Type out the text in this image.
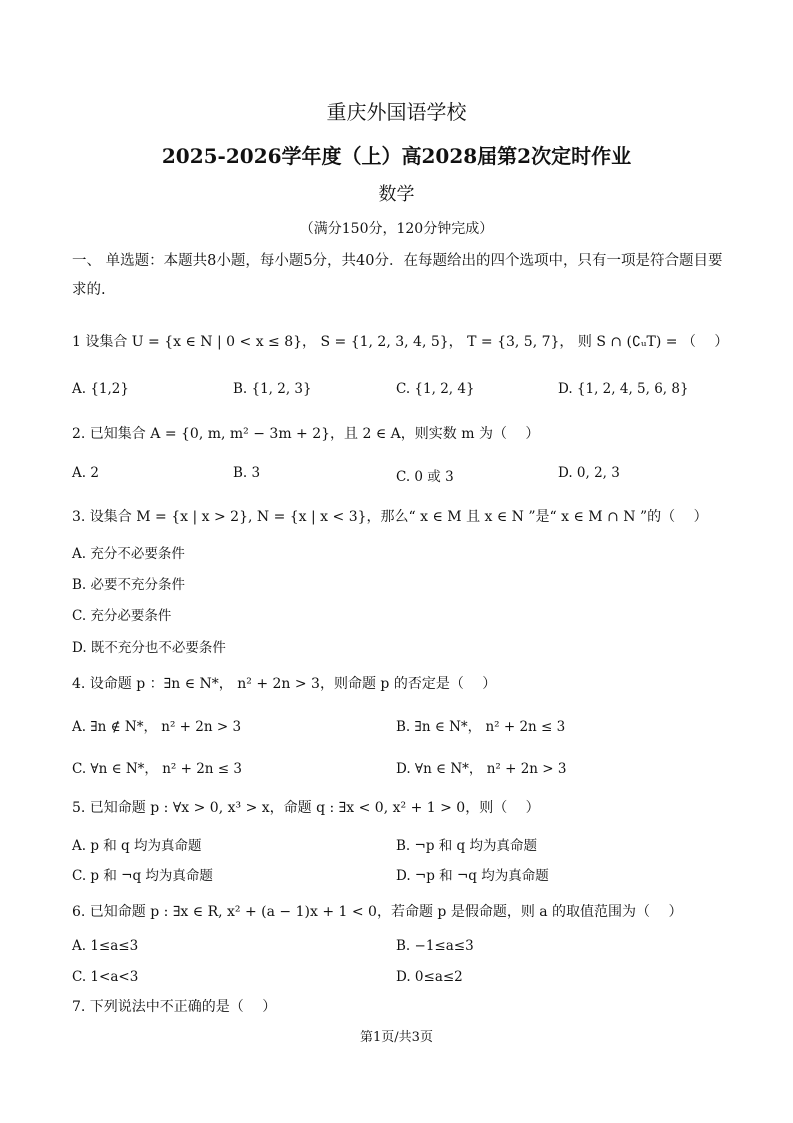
重庆外国语学校
2025-2026学年度（上）高2028届第2次定时作业
数学
（满分150分，120分钟完成）
一、 单选题：本题共8小题，每小题5分，共40分．在每题给出的四个选项中，只有一项是符合题目要求的.
1 设集合 U = {x ∈ N | 0 < x ≤ 8}， S = {1, 2, 3, 4, 5}， T = {3, 5, 7}， 则 S ∩ (∁ᵤT) = （　 ）
A. {1,2}	B. {1, 2, 3}	C. {1, 2, 4}	D. {1, 2, 4, 5, 6, 8}
2. 已知集合 A = {0, m, m² − 3m + 2}，且 2 ∈ A，则实数 m 为（　 ）
A. 2	B. 3	C. 0 或 3	D. 0, 2, 3
3. 设集合 M = {x | x > 2}, N = {x | x < 3}，那么“ x ∈ M 且 x ∈ N ”是“ x ∈ M ∩ N ”的（　 ）
A. 充分不必要条件
B. 必要不充分条件
C. 充分必要条件
D. 既不充分也不必要条件
4. 设命题 p ：∃n ∈ N*， n² + 2n > 3，则命题 p 的否定是（　 ）
A. ∃n ∉ N*， n² + 2n > 3	B. ∃n ∈ N*， n² + 2n ≤ 3
C. ∀n ∈ N*， n² + 2n ≤ 3	D. ∀n ∈ N*， n² + 2n > 3
5. 已知命题 p : ∀x > 0, x³ > x，命题 q : ∃x < 0, x² + 1 > 0，则（　 ）
A. p 和 q 均为真命题	B. ¬p 和 q 均为真命题
C. p 和 ¬q 均为真命题	D. ¬p 和 ¬q 均为真命题
6. 已知命题 p : ∃x ∈ R, x² + (a − 1)x + 1 < 0，若命题 p 是假命题，则 a 的取值范围为（　 ）
A. 1≤a≤3	B. −1≤a≤3
C. 1<a<3	D. 0≤a≤2
7. 下列说法中不正确的是（　 ）
第1页/共3页
